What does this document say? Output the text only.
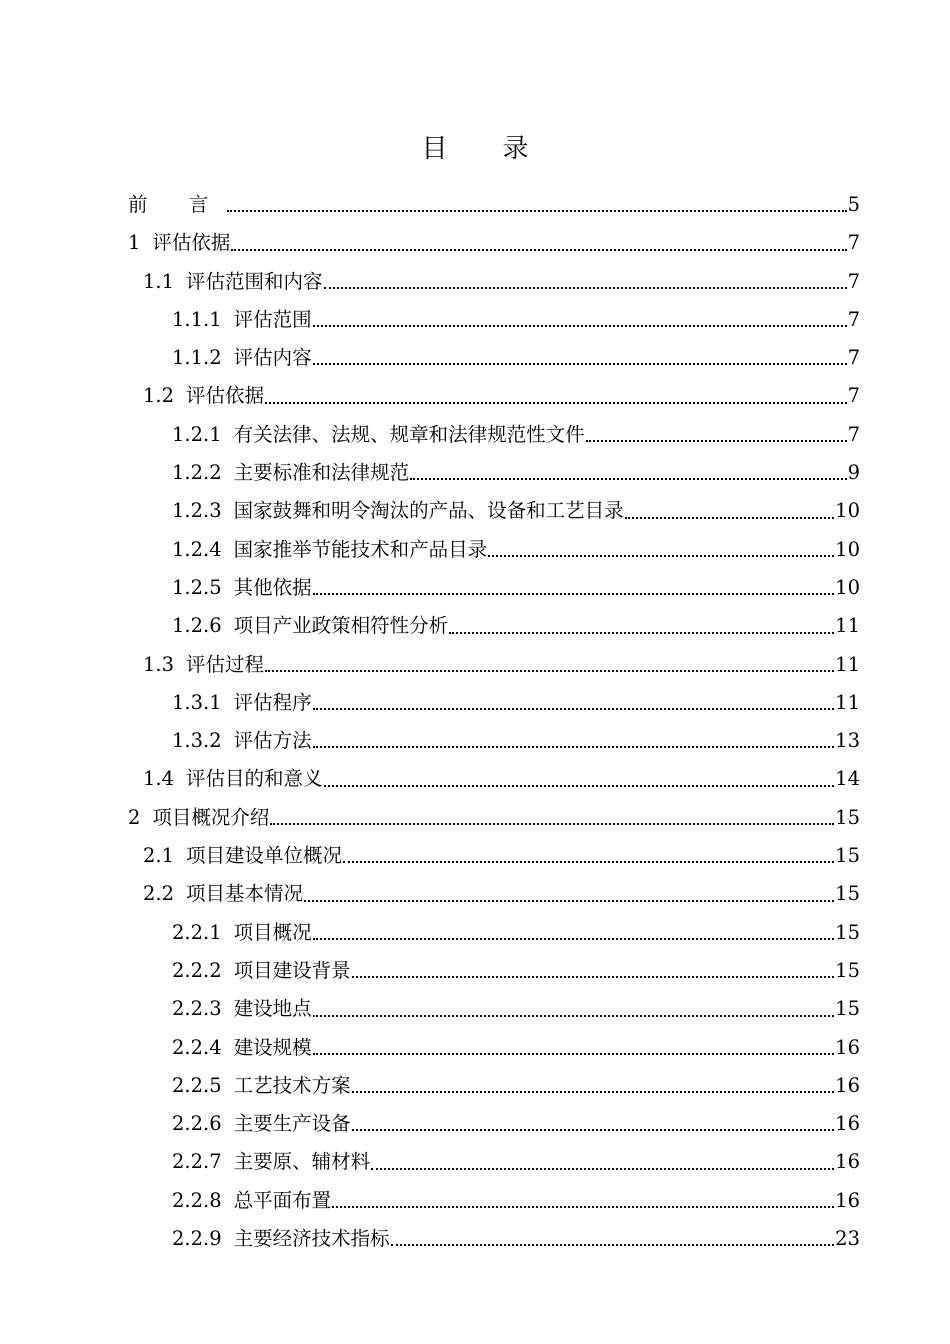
目 录
前 言	5
1 评估依据	7
1.1 评估范围和内容	7
1.1.1 评估范围	7
1.1.2 评估内容	7
1.2 评估依据	7
1.2.1 有关法律、法规、规章和法律规范性文件	7
1.2.2 主要标准和法律规范	9
1.2.3 国家鼓舞和明令淘汰的产品、设备和工艺目录	10
1.2.4 国家推举节能技术和产品目录	10
1.2.5 其他依据	10
1.2.6 项目产业政策相符性分析	11
1.3 评估过程	11
1.3.1 评估程序	11
1.3.2 评估方法	13
1.4 评估目的和意义	14
2 项目概况介绍	15
2.1 项目建设单位概况	15
2.2 项目基本情况	15
2.2.1 项目概况	15
2.2.2 项目建设背景	15
2.2.3 建设地点	15
2.2.4 建设规模	16
2.2.5 工艺技术方案	16
2.2.6 主要生产设备	16
2.2.7 主要原、辅材料	16
2.2.8 总平面布置	16
2.2.9 主要经济技术指标	23
